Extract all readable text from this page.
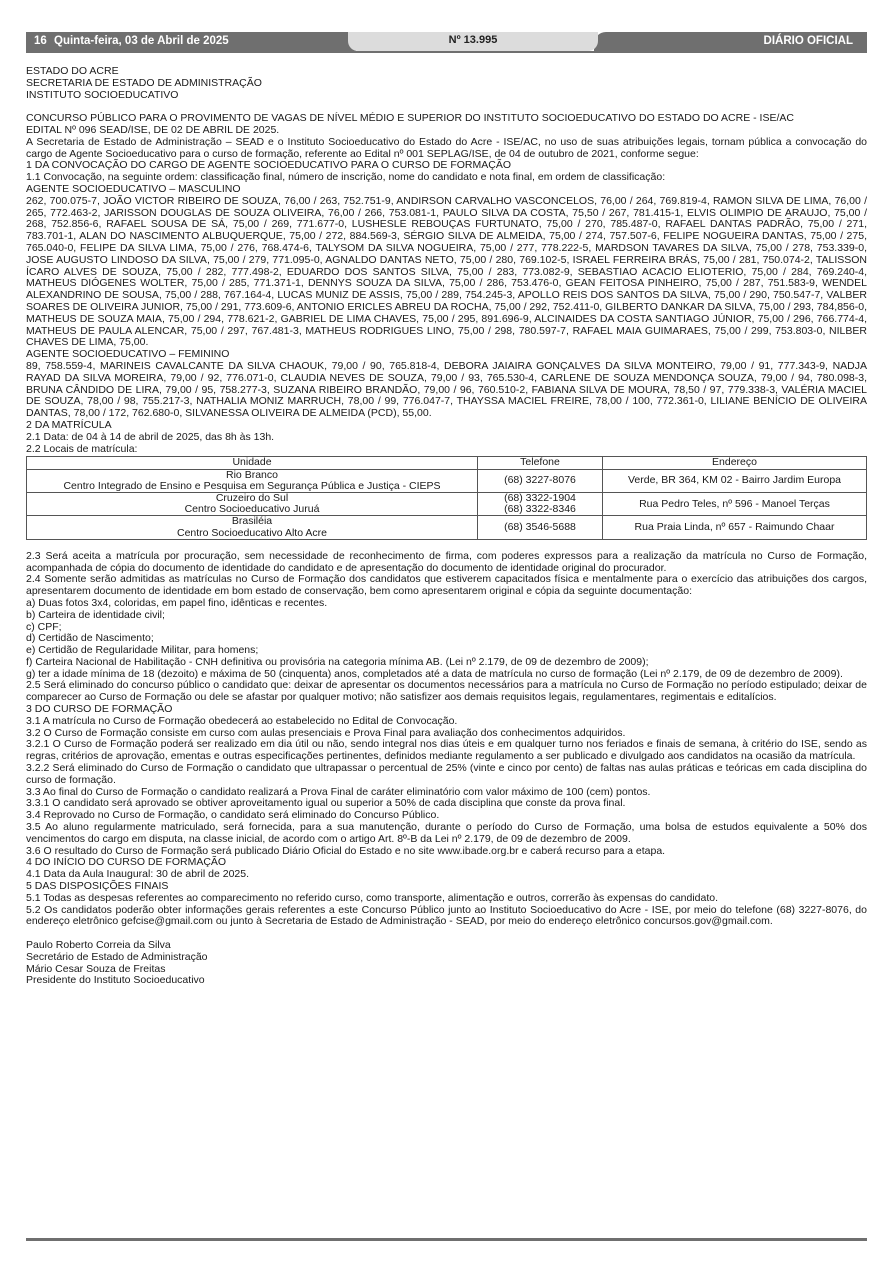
16 Quinta-feira, 03 de Abril de 2025	DIÁRIO OFICIAL
Nº 13.995

ESTADO DO ACRE

SECRETARIA DE ESTADO DE ADMINISTRAÇÃO

INSTITUTO SOCIOEDUCATIVO

CONCURSO PÚBLICO PARA O PROVIMENTO DE VAGAS DE NÍVEL MÉDIO E SUPERIOR DO INSTITUTO SOCIOEDUCATIVO DO ESTADO DO ACRE - ISE/AC

EDITAL Nº 096 SEAD/ISE, DE 02 DE ABRIL DE 2025.

A Secretaria de Estado de Administração – SEAD e o Instituto Socioeducativo do Estado do Acre - ISE/AC, no uso de suas atribuições legais, tornam pública a convocação do cargo de Agente Socioeducativo para o curso de formação, referente ao Edital nº 001 SEPLAG/ISE, de 04 de outubro de 2021, conforme segue:

1 DA CONVOCAÇÃO DO CARGO DE AGENTE SOCIOEDUCATIVO PARA O CURSO DE FORMAÇÃO

1.1 Convocação, na seguinte ordem: classificação final, número de inscrição, nome do candidato e nota final, em ordem de classificação:

AGENTE SOCIOEDUCATIVO – MASCULINO

262, 700.075-7, JOÃO VICTOR RIBEIRO DE SOUZA, 76,00 / 263, 752.751-9, ANDIRSON CARVALHO VASCONCELOS, 76,00 / 264, 769.819-4, RAMON SILVA DE LIMA, 76,00 / 265, 772.463-2, JARISSON DOUGLAS DE SOUZA OLIVEIRA, 76,00 / 266, 753.081-1, PAULO SILVA DA COSTA, 75,50 / 267, 781.415-1, ELVIS OLIMPIO DE ARAUJO, 75,00 / 268, 752.856-6, RAFAEL SOUSA DE SÁ, 75,00 / 269, 771.677-0, LUSHESLE REBOUÇAS FURTUNATO, 75,00 / 270, 785.487-0, RAFAEL DANTAS PADRÃO, 75,00 / 271, 783.701-1, ALAN DO NASCIMENTO ALBUQUERQUE, 75,00 / 272, 884.569-3, SÉRGIO SILVA DE ALMEIDA, 75,00 / 274, 757.507-6, FELIPE NOGUEIRA DANTAS, 75,00 / 275, 765.040-0, FELIPE DA SILVA LIMA, 75,00 / 276, 768.474-6, TALYSOM DA SILVA NOGUEIRA, 75,00 / 277, 778.222-5, MARDSON TAVARES DA SILVA, 75,00 / 278, 753.339-0, JOSE AUGUSTO LINDOSO DA SILVA, 75,00 / 279, 771.095-0, AGNALDO DANTAS NETO, 75,00 / 280, 769.102-5, ISRAEL FERREIRA BRÁS, 75,00 / 281, 750.074-2, TALISSON ÍCARO ALVES DE SOUZA, 75,00 / 282, 777.498-2, EDUARDO DOS SANTOS SILVA, 75,00 / 283, 773.082-9, SEBASTIAO ACACIO ELIOTERIO, 75,00 / 284, 769.240-4, MATHEUS DIÓGENES WOLTER, 75,00 / 285, 771.371-1, DENNYS SOUZA DA SILVA, 75,00 / 286, 753.476-0, GEAN FEITOSA PINHEIRO, 75,00 / 287, 751.583-9, WENDEL ALEXANDRINO DE SOUSA, 75,00 / 288, 767.164-4, LUCAS MUNIZ DE ASSIS, 75,00 / 289, 754.245-3, APOLLO REIS DOS SANTOS DA SILVA, 75,00 / 290, 750.547-7, VALBER SOARES DE OLIVEIRA JUNIOR, 75,00 / 291, 773.609-6, ANTONIO ERICLES ABREU DA ROCHA, 75,00 / 292, 752.411-0, GILBERTO DANKAR DA SILVA, 75,00 / 293, 784,856-0, MATHEUS DE SOUZA MAIA, 75,00 / 294, 778.621-2, GABRIEL DE LIMA CHAVES, 75,00 / 295, 891.696-9, ALCINAIDES DA COSTA SANTIAGO JÚNIOR, 75,00 / 296, 766.774-4, MATHEUS DE PAULA ALENCAR, 75,00 / 297, 767.481-3, MATHEUS RODRIGUES LINO, 75,00 / 298, 780.597-7, RAFAEL MAIA GUIMARAES, 75,00 / 299, 753.803-0, NILBER CHAVES DE LIMA, 75,00.

AGENTE SOCIOEDUCATIVO – FEMININO

89, 758.559-4, MARINEIS CAVALCANTE DA SILVA CHAOUK, 79,00 / 90, 765.818-4, DEBORA JAIAIRA GONÇALVES DA SILVA MONTEIRO, 79,00 / 91, 777.343-9, NADJA RAYAD DA SILVA MOREIRA, 79,00 / 92, 776.071-0, CLAUDIA NEVES DE SOUZA, 79,00 / 93, 765.530-4, CARLENE DE SOUZA MENDONÇA SOUZA, 79,00 / 94, 780.098-3, BRUNA CÂNDIDO DE LIRA, 79,00 / 95, 758.277-3, SUZANA RIBEIRO BRANDÃO, 79,00 / 96, 760.510-2, FABIANA SILVA DE MOURA, 78,50 / 97, 779.338-3, VALÉRIA MACIEL DE SOUZA, 78,00 / 98, 755.217-3, NATHALIA MONIZ MARRUCH, 78,00 / 99, 776.047-7, THAYSSA MACIEL FREIRE, 78,00 / 100, 772.361-0, LILIANE BENÍCIO DE OLIVEIRA DANTAS, 78,00 / 172, 762.680-0, SILVANESSA OLIVEIRA DE ALMEIDA (PCD), 55,00.

2 DA MATRÍCULA

2.1 Data: de 04 à 14 de abril de 2025, das 8h às 13h.

2.2 Locais de matrícula:

Unidade	Telefone	Endereço

Rio Branco
Centro Integrado de Ensino e Pesquisa em Segurança Pública e Justiça - CIEPS	(68) 3227-8076	Verde, BR 364, KM 02 - Bairro Jardim Europa

Cruzeiro do Sul
Centro Socioeducativo Juruá	(68) 3322-1904
(68) 3322-8346	Rua Pedro Teles, nº 596 - Manoel Terças

Brasiléia
Centro Socioeducativo Alto Acre	(68) 3546-5688	Rua Praia Linda, nº 657 - Raimundo Chaar

2.3 Será aceita a matrícula por procuração, sem necessidade de reconhecimento de firma, com poderes expressos para a realização da matrícula no Curso de Formação, acompanhada de cópia do documento de identidade do candidato e de apresentação do documento de identidade original do procurador.

2.4 Somente serão admitidas as matrículas no Curso de Formação dos candidatos que estiverem capacitados física e mentalmente para o exercício das atribuições dos cargos, apresentarem documento de identidade em bom estado de conservação, bem como apresentarem original e cópia da seguinte documentação:

a) Duas fotos 3x4, coloridas, em papel fino, idênticas e recentes.

b) Carteira de identidade civil;

c) CPF;

d) Certidão de Nascimento;

e) Certidão de Regularidade Militar, para homens;

f) Carteira Nacional de Habilitação - CNH definitiva ou provisória na categoria mínima AB. (Lei nº 2.179, de 09 de dezembro de 2009);

g) ter a idade mínima de 18 (dezoito) e máxima de 50 (cinquenta) anos, completados até a data de matrícula no curso de formação (Lei nº 2.179, de 09 de dezembro de 2009).

2.5 Será eliminado do concurso público o candidato que: deixar de apresentar os documentos necessários para a matrícula no Curso de Formação no período estipulado; deixar de comparecer ao Curso de Formação ou dele se afastar por qualquer motivo; não satisfizer aos demais requisitos legais, regulamentares, regimentais e editalícios.

3 DO CURSO DE FORMAÇÃO

3.1 A matrícula no Curso de Formação obedecerá ao estabelecido no Edital de Convocação.

3.2 O Curso de Formação consiste em curso com aulas presenciais e Prova Final para avaliação dos conhecimentos adquiridos.

3.2.1 O Curso de Formação poderá ser realizado em dia útil ou não, sendo integral nos dias úteis e em qualquer turno nos feriados e finais de semana, à critério do ISE, sendo as regras, critérios de aprovação, ementas e outras especificações pertinentes, definidos mediante regulamento a ser publicado e divulgado aos candidatos na ocasião da matrícula.

3.2.2 Será eliminado do Curso de Formação o candidato que ultrapassar o percentual de 25% (vinte e cinco por cento) de faltas nas aulas práticas e teóricas em cada disciplina do curso de formação.

3.3 Ao final do Curso de Formação o candidato realizará a Prova Final de caráter eliminatório com valor máximo de 100 (cem) pontos.

3.3.1 O candidato será aprovado se obtiver aproveitamento igual ou superior a 50% de cada disciplina que conste da prova final.

3.4 Reprovado no Curso de Formação, o candidato será eliminado do Concurso Público.

3.5 Ao aluno regularmente matriculado, será fornecida, para a sua manutenção, durante o período do Curso de Formação, uma bolsa de estudos equivalente a 50% dos vencimentos do cargo em disputa, na classe inicial, de acordo com o artigo Art. 8º-B da Lei nº 2.179, de 09 de dezembro de 2009.

3.6 O resultado do Curso de Formação será publicado Diário Oficial do Estado e no site www.ibade.org.br e caberá recurso para a etapa.

4 DO INÍCIO DO CURSO DE FORMAÇÃO

4.1 Data da Aula Inaugural: 30 de abril de 2025.

5 DAS DISPOSIÇÕES FINAIS

5.1 Todas as despesas referentes ao comparecimento no referido curso, como transporte, alimentação e outros, correrão às expensas do candidato.

5.2 Os candidatos poderão obter informações gerais referentes a este Concurso Público junto ao Instituto Socioeducativo do Acre - ISE, por meio do telefone (68) 3227-8076, do endereço eletrônico gefcise@gmail.com ou junto à Secretaria de Estado de Administração - SEAD, por meio do endereço eletrônico concursos.gov@gmail.com.

Paulo Roberto Correia da Silva

Secretário de Estado de Administração

Mário Cesar Souza de Freitas

Presidente do Instituto Socioeducativo
